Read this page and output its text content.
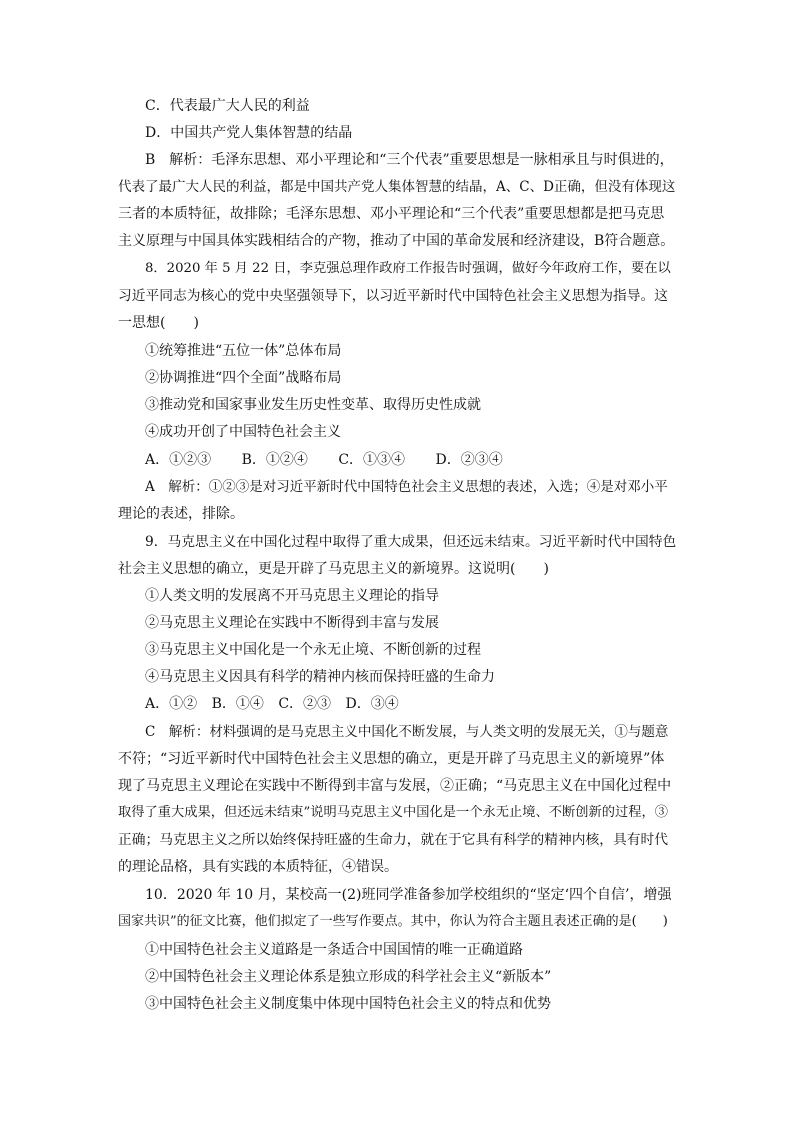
C．代表最广大人民的利益
D．中国共产党人集体智慧的结晶
B　解析：毛泽东思想、邓小平理论和“三个代表”重要思想是一脉相承且与时俱进的，
代表了最广大人民的利益，都是中国共产党人集体智慧的结晶，A、C、D正确，但没有体现这
三者的本质特征，故排除；毛泽东思想、邓小平理论和“三个代表”重要思想都是把马克思
主义原理与中国具体实践相结合的产物，推动了中国的革命发展和经济建设，B符合题意。
8．2020 年 5 月 22 日，李克强总理作政府工作报告时强调，做好今年政府工作，要在以
习近平同志为核心的党中央坚强领导下，以习近平新时代中国特色社会主义思想为指导。这
一思想(　　)
①统筹推进“五位一体”总体布局
②协调推进“四个全面”战略布局
③推动党和国家事业发生历史性变革、取得历史性成就
④成功开创了中国特色社会主义
A．①②③ B．①②④ C．①③④ D．②③④
A　解析：①②③是对习近平新时代中国特色社会主义思想的表述，入选；④是对邓小平
理论的表述，排除。
9．马克思主义在中国化过程中取得了重大成果，但还远未结束。习近平新时代中国特色
社会主义思想的确立，更是开辟了马克思主义的新境界。这说明(　　)
①人类文明的发展离不开马克思主义理论的指导
②马克思主义理论在实践中不断得到丰富与发展
③马克思主义中国化是一个永无止境、不断创新的过程
④马克思主义因具有科学的精神内核而保持旺盛的生命力
A．①② B．①④ C．②③ D．③④
C　解析：材料强调的是马克思主义中国化不断发展，与人类文明的发展无关，①与题意
不符；“习近平新时代中国特色社会主义思想的确立，更是开辟了马克思主义的新境界”体
现了马克思主义理论在实践中不断得到丰富与发展，②正确；“马克思主义在中国化过程中
取得了重大成果，但还远未结束”说明马克思主义中国化是一个永无止境、不断创新的过程，③
正确；马克思主义之所以始终保持旺盛的生命力，就在于它具有科学的精神内核，具有时代
的理论品格，具有实践的本质特征，④错误。
10．2020 年 10 月，某校高一(2)班同学准备参加学校组织的“坚定‘四个自信’，增强
国家共识”的征文比赛，他们拟定了一些写作要点。其中，你认为符合主题且表述正确的是(　　)
①中国特色社会主义道路是一条适合中国国情的唯一正确道路
②中国特色社会主义理论体系是独立形成的科学社会主义“新版本”
③中国特色社会主义制度集中体现中国特色社会主义的特点和优势
